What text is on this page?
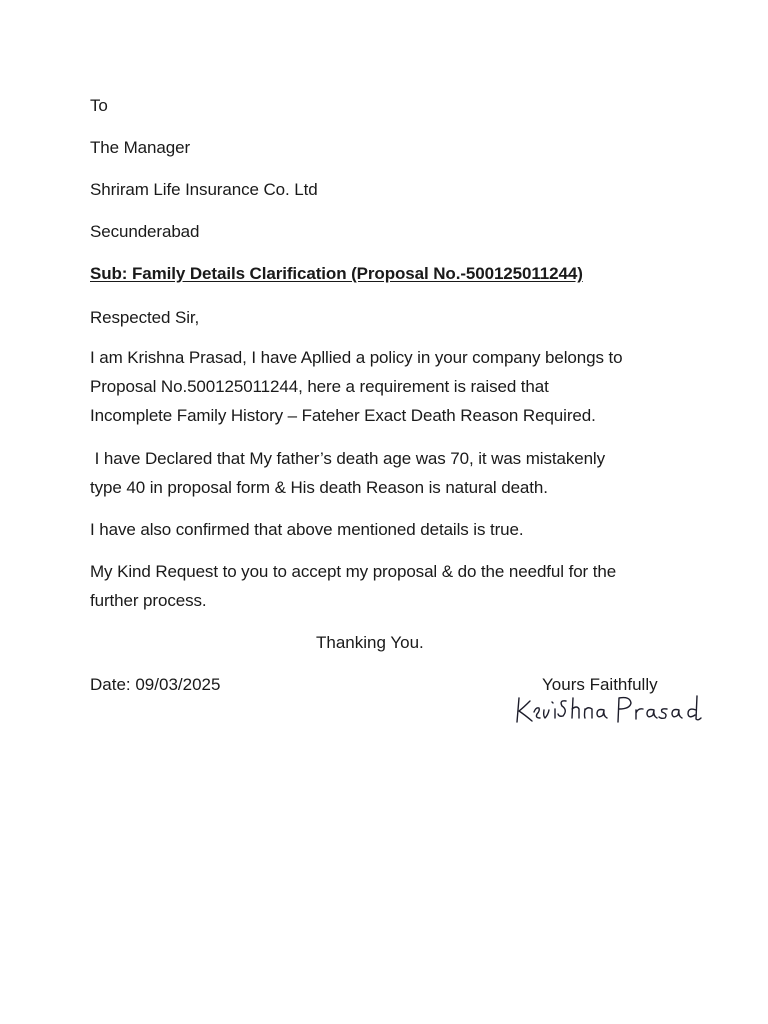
To
The Manager
Shriram Life Insurance Co. Ltd
Secunderabad
Sub: Family Details Clarification (Proposal No.-500125011244)
Respected Sir,
I am Krishna Prasad, I have Apllied a policy in your company belongs to
Proposal No.500125011244, here a requirement is raised that
Incomplete Family History – Fateher Exact Death Reason Required.
I have Declared that My father’s death age was 70, it was mistakenly
type 40 in proposal form & His death Reason is natural death.
I have also confirmed that above mentioned details is true.
My Kind Request to you to accept my proposal & do the needful for the
further process.
Thanking You.
Date: 09/03/2025	Yours Faithfully
